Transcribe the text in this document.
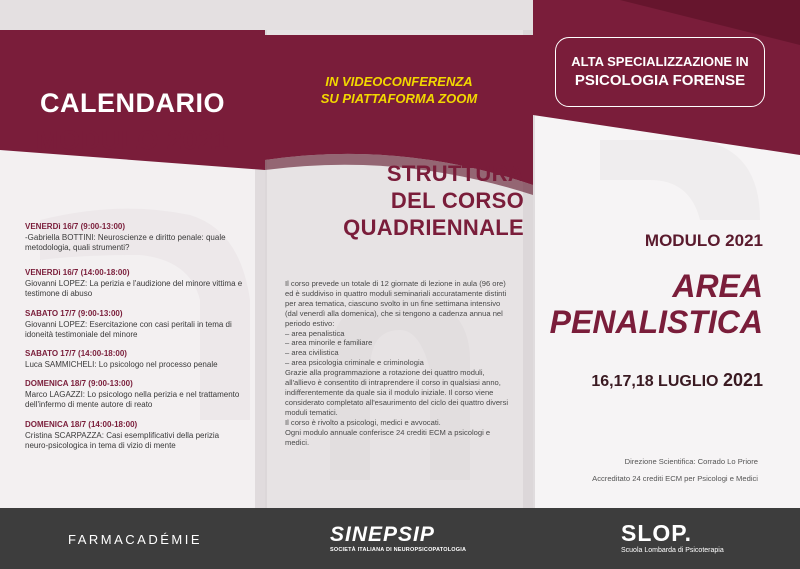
CALENDARIO
MODULO 2021
VENERDì 16/7 (9:00-13:00)
-Gabriella BOTTINI: Neuroscienze e diritto penale: quale
metodologia, quali strumenti?
VENERDì 16/7 (14:00-18:00)
Giovanni LOPEZ: La perizia e l'audizione del minore vittima e
testimone di abuso
SABATO 17/7 (9:00-13:00)
Giovanni LOPEZ: Esercitazione con casi peritali in tema di
idoneità testimoniale del minore
SABATO 17/7 (14:00-18:00)
Luca SAMMICHELI: Lo psicologo nel processo penale
DOMENICA 18/7 (9:00-13:00)
Marco LAGAZZI: Lo psicologo nella perizia e nel trattamento
dell'infermo di mente autore di reato
DOMENICA 18/7 (14:00-18:00)
Cristina SCARPAZZA: Casi esemplificativi della perizia
neuro-psicologica in tema di vizio di mente
IN VIDEOCONFERENZA
SU PIATTAFORMA ZOOM
STRUTTURA
DEL CORSO
QUADRIENNALE
Il corso prevede un totale di 12 giornate di lezione in aula (96 ore)
ed è suddiviso in quattro moduli seminariali accuratamente distinti
per area tematica, ciascuno svolto in un fine settimana intensivo
(dal venerdì alla domenica), che si tengono a cadenza annua nel
periodo estivo:
– area penalistica
– area minorile e familiare
– area civilistica
– area psicologia criminale e criminologia
Grazie alla programmazione a rotazione dei quattro moduli,
all'allievo è consentito di intraprendere il corso in qualsiasi anno,
indifferentemente da quale sia il modulo iniziale. Il corso viene
considerato completato all'esaurimento del ciclo dei quattro diversi
moduli tematici.
Il corso è rivolto a psicologi, medici e avvocati.
Ogni modulo annuale conferisce 24 crediti ECM a psicologi e
medici.
ALTA SPECIALIZZAZIONE IN
PSICOLOGIA FORENSE
MODULO 2021
AREA
PENALISTICA
16,17,18 LUGLIO 2021
Direzione Scientifica: Corrado Lo Priore
Accreditato 24 crediti ECM per Psicologi e Medici
FARMACADÉMIE	SINEPSIP
SOCIETÀ ITALIANA DI NEUROPSICOPATOLOGIA
SLOP.
Scuola Lombarda di Psicoterapia
